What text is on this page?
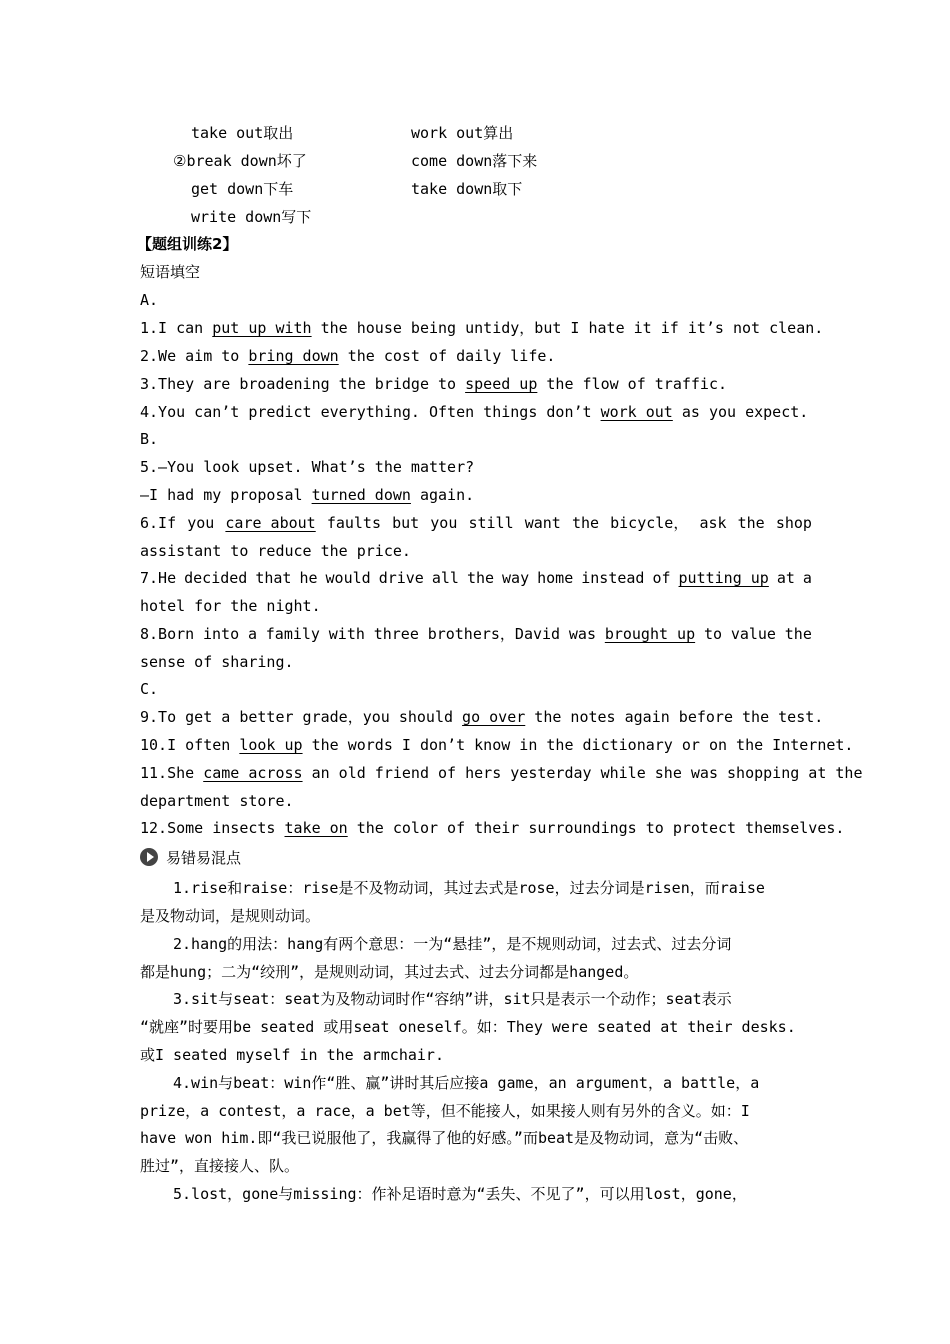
take out取出	work out算出
②break down坏了	come down落下来
get down下车	take down取下
write down写下
【题组训练2】
短语填空
A.
1.I can put up with the house being untidy，but I hate it if it’s not clean.
2.We aim to bring down the cost of daily life.
3.They are broadening the bridge to speed up the flow of traffic.
4.You can’t predict everything. Often things don’t work out as you expect.
B.
5.—You look upset. What’s the matter?
—I had my proposal turned down again.
6.If you care about faults but you still want the bicycle， ask the shop
assistant to reduce the price.
7.He decided that he would drive all the way home instead of putting up at a
hotel for the night.
8.Born into a family with three brothers，David was brought up to value the
sense of sharing.
C.
9.To get a better grade，you should go over the notes again before the test.
10.I often look up the words I don’t know in the dictionary or on the Internet.
11.She came across an old friend of hers yesterday while she was shopping at the
department store.
12.Some insects take on the color of their surroundings to protect themselves.
易错易混点
1.rise和raise：rise是不及物动词，其过去式是rose，过去分词是risen，而raise
是及物动词，是规则动词。
2.hang的用法：hang有两个意思：一为“悬挂”，是不规则动词，过去式、过去分词
都是hung；二为“绞刑”，是规则动词，其过去式、过去分词都是hanged。
3.sit与seat：seat为及物动词时作“容纳”讲，sit只是表示一个动作；seat表示
“就座”时要用be seated 或用seat oneself。如：They were seated at their desks.
或I seated myself in the armchair.
4.win与beat：win作“胜、赢”讲时其后应接a game，an argument，a battle，a
prize，a contest，a race，a bet等，但不能接人，如果接人则有另外的含义。如：I
have won him.即“我已说服他了，我赢得了他的好感。”而beat是及物动词，意为“击败、
胜过”，直接接人、队。
5.lost，gone与missing：作补足语时意为“丢失、不见了”，可以用lost，gone，
